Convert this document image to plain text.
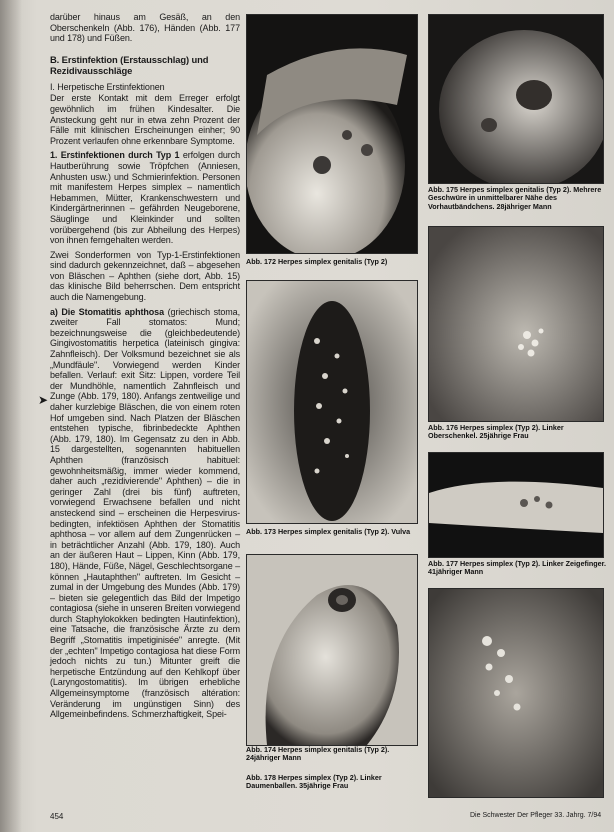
darüber hinaus am Gesäß, an den Oberschenkeln (Abb. 176), Händen (Abb. 177 und 178) und Füßen.

B. Erstinfektion (Erstausschlag) und Rezidivausschläge

I. Herpetische Erstinfektionen

Der erste Kontakt mit dem Erreger erfolgt gewöhnlich im frühen Kindesalter. Die Ansteckung geht nur in etwa zehn Prozent der Fälle mit klinischen Erscheinungen einher; 90 Prozent verlaufen ohne erkennbare Symptome.

1. Erstinfektionen durch Typ 1 erfolgen durch Hautberührung sowie Tröpfchen (Anniesen, Anhusten usw.) und Schmierinfektion. Personen mit manifestem Herpes simplex – namentlich Hebammen, Mütter, Krankenschwestern und Kindergärtnerinnen – gefährden Neugeborene, Säuglinge und Kleinkinder und sollten vorübergehend (bis zur Abheilung des Herpes) von ihnen ferngehalten werden.

Zwei Sonderformen von Typ-1-Erstinfektionen sind dadurch gekennzeichnet, daß – abgesehen von Bläschen – Aphthen (siehe dort, Abb. 15) das klinische Bild beherrschen. Dem entspricht auch die Namengebung.

a) Die Stomatitis aphthosa (griechisch stoma, zweiter Fall stomatos: Mund; bezeichnungsweise die (gleichbedeutende) Gingivostomatitis herpetica (lateinisch gingiva: Zahnfleisch). Der Volksmund bezeichnet sie als „Mundfäule". Vorwiegend werden Kinder befallen. Verlauf: exit Sitz: Lippen, vordere Teil der Mundhöhle, namentlich Zahnfleisch und Zunge (Abb. 179, 180). Anfangs zentweilige und daher kurzlebige Bläschen, die von einem roten Hof umgeben sind. Nach Platzen der Bläschen entstehen typische, fibrinbedeckte Aphthen (Abb. 179, 180). Im Gegensatz zu den in Abb. 15 dargestellten, sogenannten habituellen Aphthen (französisch habituel: gewohnheitsmäßig, immer wieder kommend, daher auch „rezidivierende" Aphthen) – die in geringer Zahl (drei bis fünf) auftreten, vorwiegend Erwachsene befallen und nicht ansteckend sind – erscheinen die Herpesvirus-bedingten, infektiösen Aphthen der Stomatitis aphthosa – vor allem auf dem Zungenrücken – in beträchtlicher Anzahl (Abb. 179, 180). Auch an der äußeren Haut – Lippen, Kinn (Abb. 179, 180), Hände, Füße, Nägel, Geschlechtsorgane – können „Hautaphthen" auftreten. Im Gesicht – zumal in der Umgebung des Mundes (Abb. 179) – bieten sie gelegentlich das Bild der Impetigo contagiosa (siehe in unseren Breiten vorwiegend durch Staphylokokken bedingten Hautinfektion), eine Tatsache, die französische Ärzte zu dem Begriff „Stomatitis impetiginisée" anregte. (Mit der „echten" Impetigo contagiosa hat diese Form jedoch nichts zu tun.) Mitunter greift die herpetische Entzündung auf den Kehlkopf über (Laryngostomatitis). Im übrigen erhebliche Allgemeinsymptome (französisch altération: Veränderung im ungünstigen Sinn) des Allgemeinbefindens. Schmerzhaftigkeit, Spei-

➤
Abb. 172 Herpes simplex genitalis (Typ 2)
Abb. 173 Herpes simplex genitalis (Typ 2). Vulva
Abb. 174 Herpes simplex genitalis (Typ 2). 24jähriger Mann
Abb. 178 Herpes simplex (Typ 2). Linker Daumenballen. 35jährige Frau
Abb. 175 Herpes simplex genitalis (Typ 2). Mehrere Geschwüre in unmittelbarer Nähe des Vorhautbändchens. 28jähriger Mann
Abb. 176 Herpes simplex (Typ 2). Linker Oberschenkel. 25jährige Frau
Abb. 177 Herpes simplex (Typ 2). Linker Zeigefinger. 41jähriger Mann
454	Die Schwester Der Pfleger 33. Jahrg. 7/94
